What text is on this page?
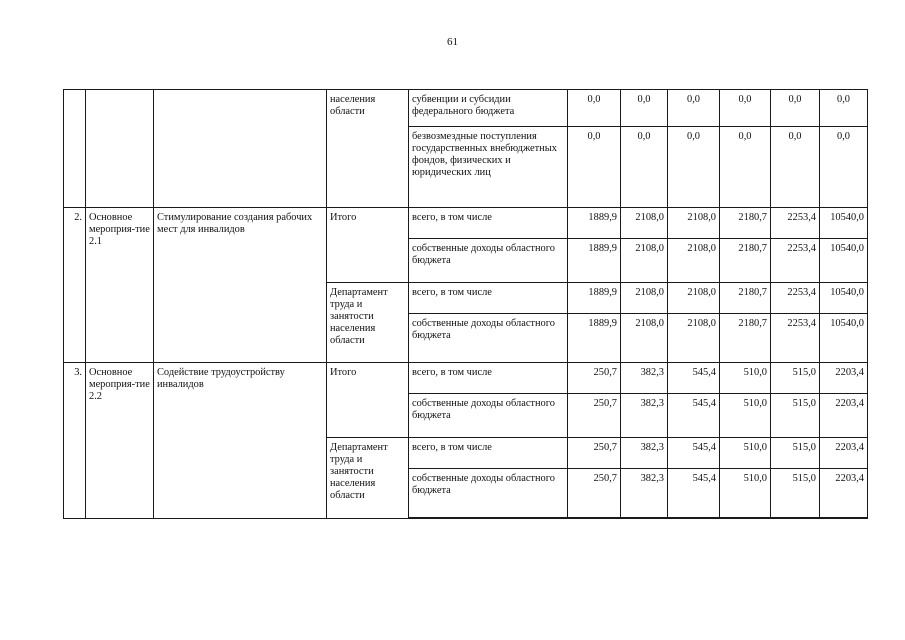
61
			населения области	субвенции и субсидии федерального бюджета	0,0	0,0	0,0	0,0	0,0	0,0
				безвозмездные поступления государственных внебюджетных фондов, физических и юридических лиц	0,0	0,0	0,0	0,0	0,0	0,0
2.	Основное мероприя-тие 2.1	Стимулирование создания рабочих мест для инвалидов	Итого	всего, в том числе	1889,9	2108,0	2108,0	2180,7	2253,4	10540,0
				собственные доходы областного бюджета	1889,9	2108,0	2108,0	2180,7	2253,4	10540,0
			Департамент труда и занятости населения области	всего, в том числе	1889,9	2108,0	2108,0	2180,7	2253,4	10540,0
				собственные доходы областного бюджета	1889,9	2108,0	2108,0	2180,7	2253,4	10540,0
3.	Основное мероприя-тие 2.2	Содействие трудоустройству инвалидов	Итого	всего, в том числе	250,7	382,3	545,4	510,0	515,0	2203,4
				собственные доходы областного бюджета	250,7	382,3	545,4	510,0	515,0	2203,4
			Департамент труда и занятости населения области	всего, в том числе	250,7	382,3	545,4	510,0	515,0	2203,4
				собственные доходы областного бюджета	250,7	382,3	545,4	510,0	515,0	2203,4
